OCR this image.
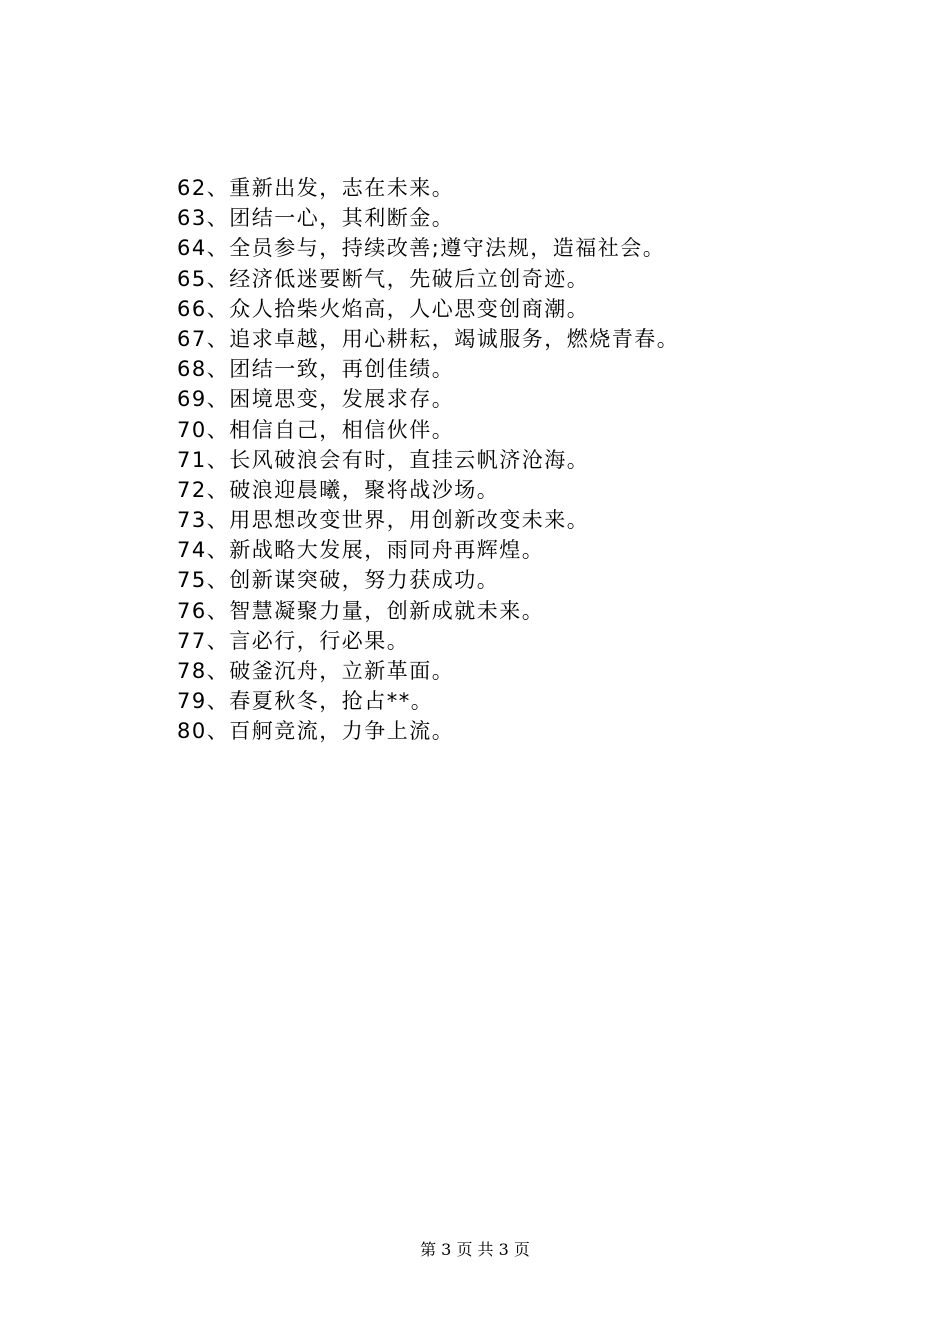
62、重新出发，志在未来。
63、团结一心，其利断金。
64、全员参与，持续改善;遵守法规，造福社会。
65、经济低迷要断气，先破后立创奇迹。
66、众人拾柴火焰高，人心思变创商潮。
67、追求卓越，用心耕耘，竭诚服务，燃烧青春。
68、团结一致，再创佳绩。
69、困境思变，发展求存。
70、相信自己，相信伙伴。
71、长风破浪会有时，直挂云帆济沧海。
72、破浪迎晨曦，聚将战沙场。
73、用思想改变世界，用创新改变未来。
74、新战略大发展，雨同舟再辉煌。
75、创新谋突破，努力获成功。
76、智慧凝聚力量，创新成就未来。
77、言必行，行必果。
78、破釜沉舟，立新革面。
79、春夏秋冬，抢占**。
80、百舸竞流，力争上流。
第 3 页 共 3 页
